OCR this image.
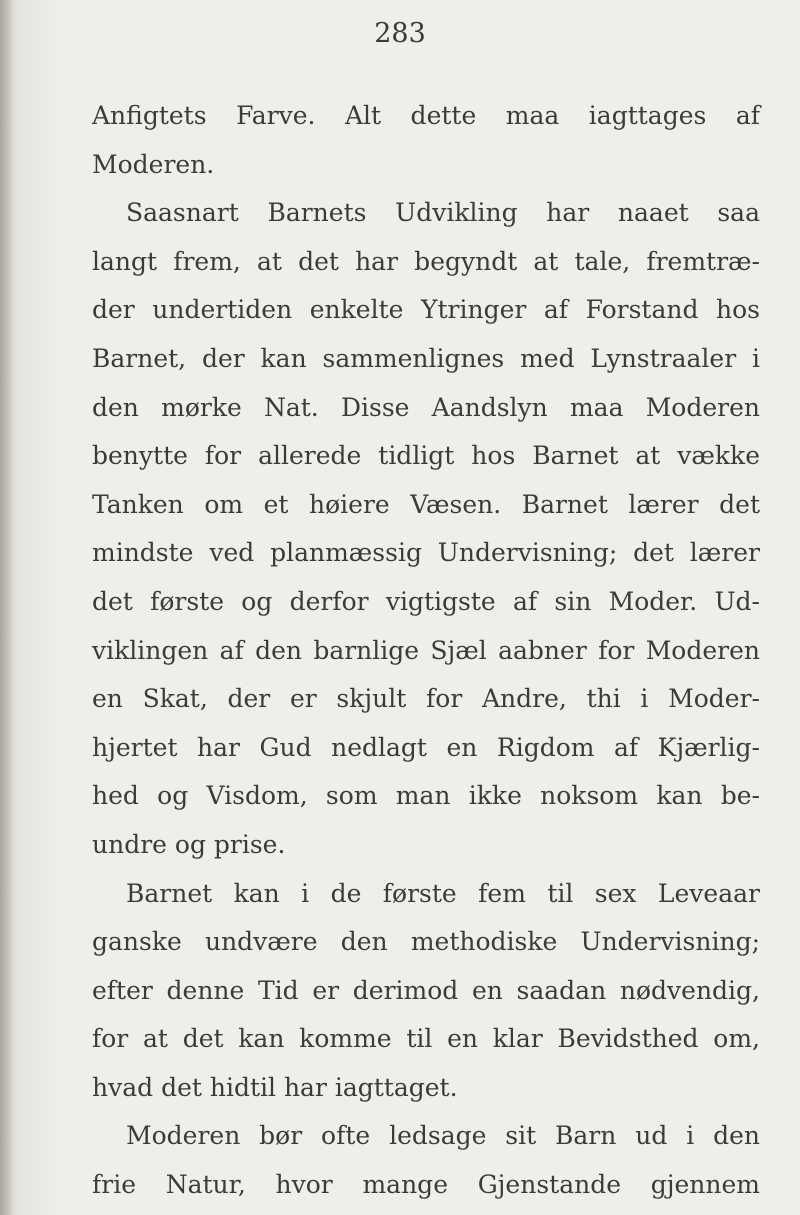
283
Anfigtets Farve. Alt dette maa iagttages af
Moderen.
Saasnart Barnets Udvikling har naaet saa
langt frem, at det har begyndt at tale, fremtræ-
der undertiden enkelte Ytringer af Forstand hos
Barnet, der kan sammenlignes med Lynstraaler i
den mørke Nat. Disse Aandslyn maa Moderen
benytte for allerede tidligt hos Barnet at vække
Tanken om et høiere Væsen. Barnet lærer det
mindste ved planmæssig Undervisning; det lærer
det første og derfor vigtigste af sin Moder. Ud-
viklingen af den barnlige Sjæl aabner for Moderen
en Skat, der er skjult for Andre, thi i Moder-
hjertet har Gud nedlagt en Rigdom af Kjærlig-
hed og Visdom, som man ikke noksom kan be-
undre og prise.
Barnet kan i de første fem til sex Leveaar
ganske undvære den methodiske Undervisning;
efter denne Tid er derimod en saadan nødvendig,
for at det kan komme til en klar Bevidsthed om,
hvad det hidtil har iagttaget.
Moderen bør ofte ledsage sit Barn ud i den
frie Natur, hvor mange Gjenstande gjennem
